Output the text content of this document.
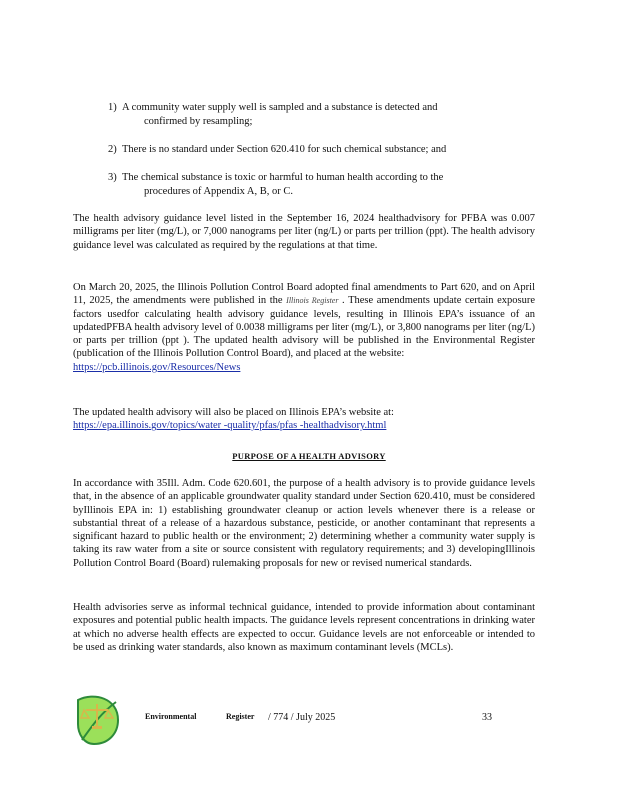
1) A community water supply well is sampled and a substance is detected and
confirmed by resampling;

2) There is no standard under Section 620.410 for such chemical substance; and

3) The chemical substance is toxic or harmful to human health according to the
procedures of Appendix A, B, or C.

The health advisory guidance level listed in the September 16, 2024 healthadvisory for PFBA was 0.007 milligrams per liter (mg/L), or 7,000 nanograms per liter (ng/L) or parts per trillion (ppt). The health advisory guidance level was calculated as required by the regulations at that time.

On March 20, 2025, the Illinois Pollution Control Board adopted final amendments to Part 620, and on April 11, 2025, the amendments were published in the Illinois Register . These amendments update certain exposure factors usedfor calculating health advisory guidance levels, resulting in Illinois EPA’s issuance of an updatedPFBA health advisory level of 0.0038 milligrams per liter (mg/L), or 3,800 nanograms per liter (ng/L) or parts per trillion (ppt ). The updated health advisory will be published in the Environmental Register (publication of the Illinois Pollution Control Board), and placed at the website:
https://pcb.illinois.gov/Resources/News

The updated health advisory will also be placed on Illinois EPA’s website at:
https://epa.illinois.gov/topics/water -quality/pfas/pfas -healthadvisory.html

PURPOSE OF A HEALTH ADVISORY

In accordance with 35Ill. Adm. Code 620.601, the purpose of a health advisory is to provide guidance levels that, in the absence of an applicable groundwater quality standard under Section 620.410, must be considered byIllinois EPA in: 1) establishing groundwater cleanup or action levels whenever there is a release or substantial threat of a release of a hazardous substance, pesticide, or another contaminant that represents a significant hazard to public health or the environment; 2) determining whether a community water supply is taking its raw water from a site or source consistent with regulatory requirements; and 3) developingIllinois Pollution Control Board (Board) rulemaking proposals for new or revised numerical standards.

Health advisories serve as informal technical guidance, intended to provide information about contaminant exposures and potential public health impacts. The guidance levels represent concentrations in drinking water at which no adverse health effects are expected to occur. Guidance levels are not enforceable or intended to be used as drinking water standards, also known as maximum contaminant levels (MCLs).

Environmental	Register / 774 / July 2025	33
